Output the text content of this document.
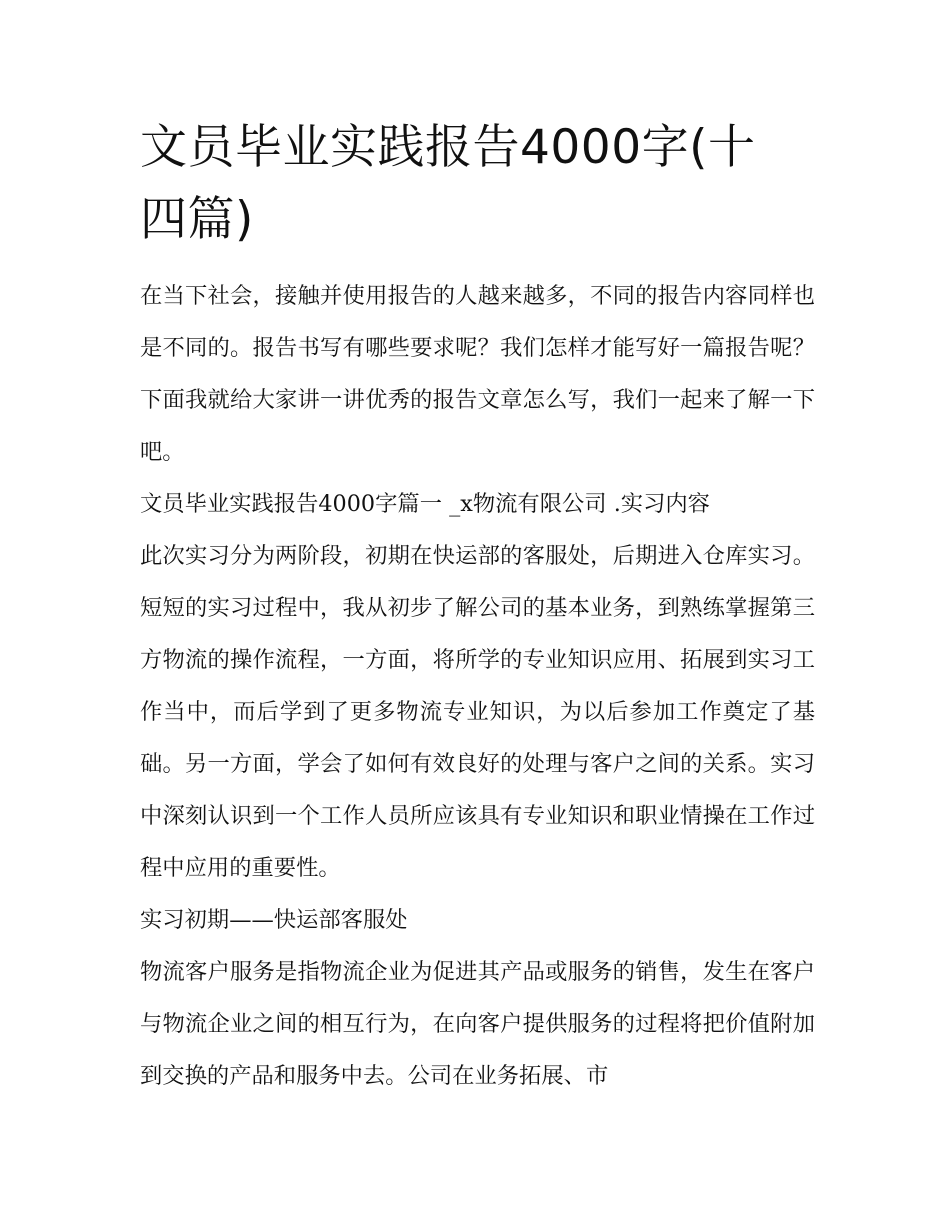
文员毕业实践报告4000字(十四篇)

在当下社会，接触并使用报告的人越来越多，不同的报告内容同样也是不同的。报告书写有哪些要求呢？我们怎样才能写好一篇报告呢？下面我就给大家讲一讲优秀的报告文章怎么写，我们一起来了解一下吧。

文员毕业实践报告4000字篇一 _x物流有限公司 .实习内容

此次实习分为两阶段，初期在快运部的客服处，后期进入仓库实习。短短的实习过程中，我从初步了解公司的基本业务，到熟练掌握第三方物流的操作流程，一方面，将所学的专业知识应用、拓展到实习工作当中，而后学到了更多物流专业知识，为以后参加工作奠定了基础。另一方面，学会了如何有效良好的处理与客户之间的关系。实习中深刻认识到一个工作人员所应该具有专业知识和职业情操在工作过程中应用的重要性。

实习初期——快运部客服处

物流客户服务是指物流企业为促进其产品或服务的销售，发生在客户与物流企业之间的相互行为，在向客户提供服务的过程将把价值附加到交换的产品和服务中去。公司在业务拓展、市
